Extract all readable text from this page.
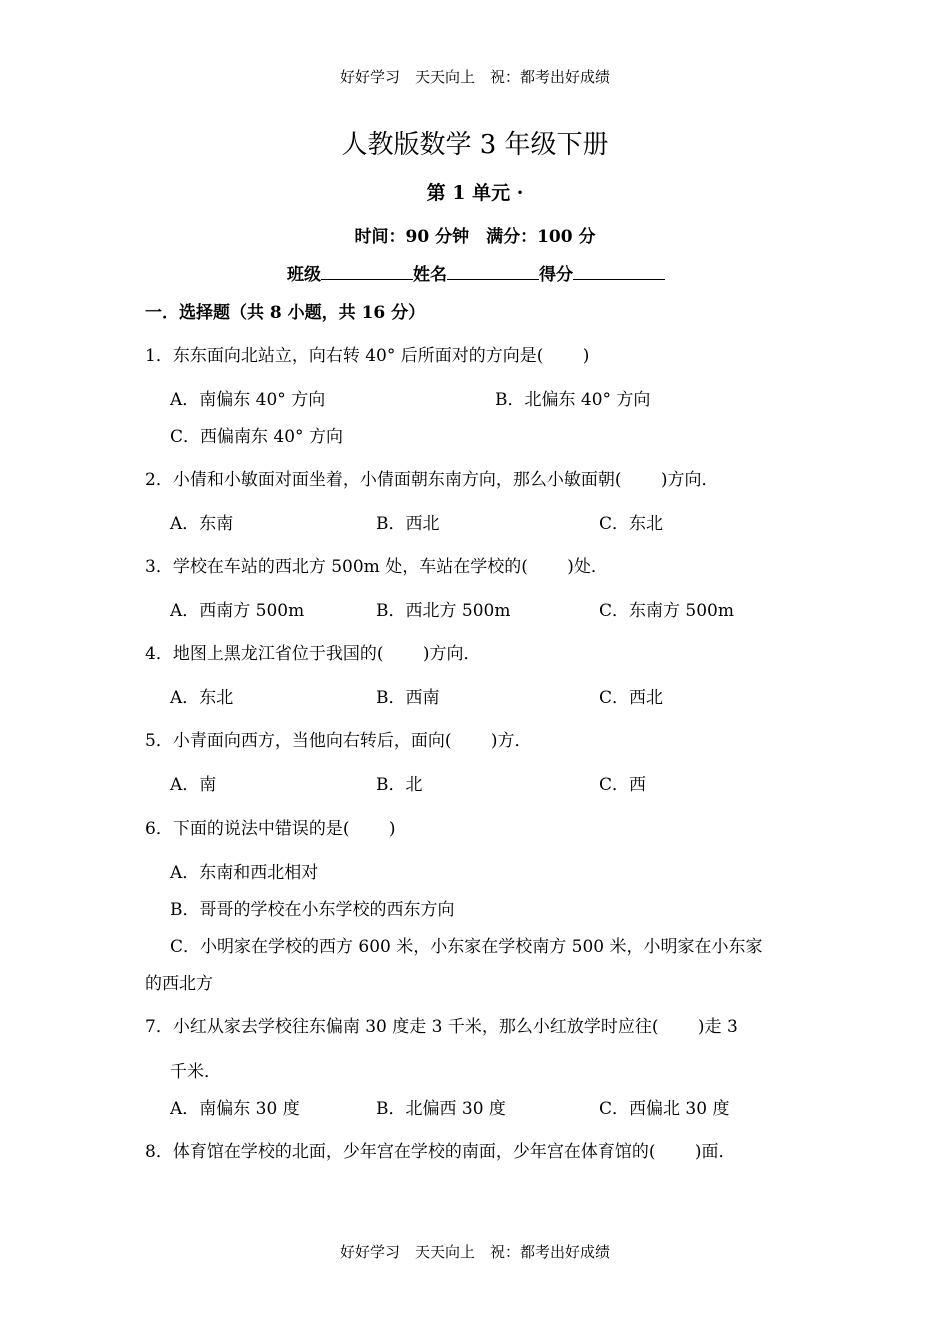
好好学习　天天向上　祝：都考出好成绩
人教版数学 3 年级下册
第 1 单元 ·
时间：90 分钟　满分：100 分
班级	姓名	得分
一．选择题（共 8 小题，共 16 分）
1．东东面向北站立，向右转 40° 后所面对的方向是(　　 )
A．南偏东 40° 方向	B．北偏东 40° 方向
C．西偏南东 40° 方向
2．小倩和小敏面对面坐着，小倩面朝东南方向，那么小敏面朝(　　 )方向．
A．东南	B．西北	C．东北
3．学校在车站的西北方 500m 处，车站在学校的(　　 )处．
A．西南方 500m	B．西北方 500m	C．东南方 500m
4．地图上黑龙江省位于我国的(　　 )方向．
A．东北	B．西南	C．西北
5．小青面向西方，当他向右转后，面向(　　 )方．
A．南	B．北	C．西
6．下面的说法中错误的是(　　 )
A．东南和西北相对
B．哥哥的学校在小东学校的西东方向
C．小明家在学校的西方 600 米，小东家在学校南方 500 米，小明家在小东家
的西北方
7．小红从家去学校往东偏南 30 度走 3 千米，那么小红放学时应往(　　 )走 3
千米．
A．南偏东 30 度	B．北偏西 30 度	C．西偏北 30 度
8．体育馆在学校的北面，少年宫在学校的南面，少年宫在体育馆的(　　 )面．
好好学习　天天向上　祝：都考出好成绩
